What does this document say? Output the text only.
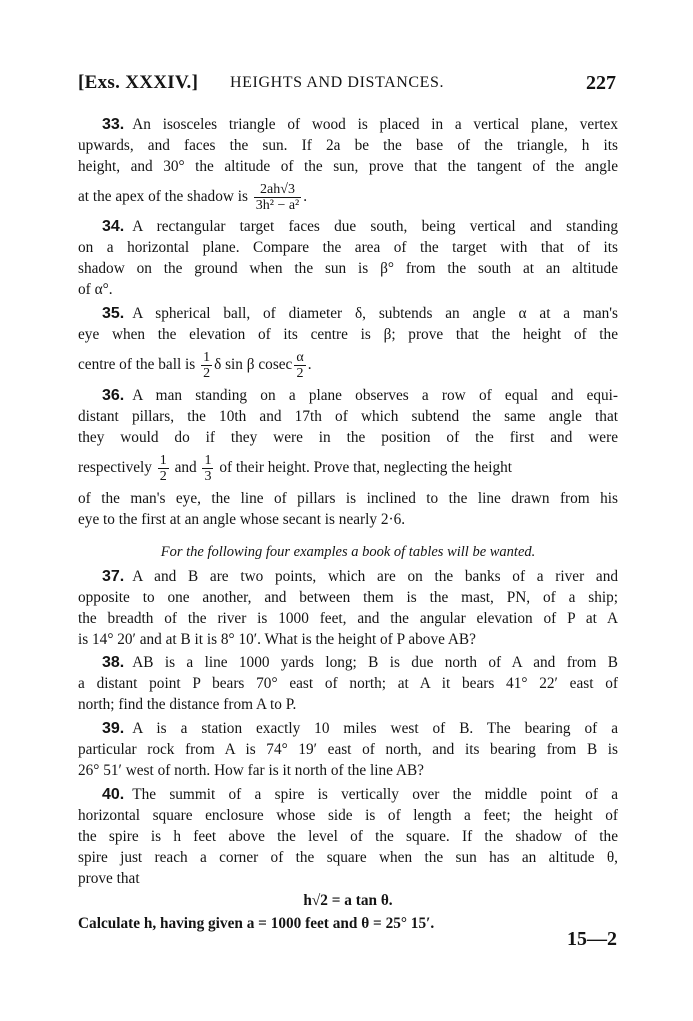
[Exs. XXXIV.] HEIGHTS AND DISTANCES.	227
33. An isosceles triangle of wood is placed in a vertical plane, vertex
upwards, and faces the sun. If 2a be the base of the triangle, h its
height, and 30° the altitude of the sun, prove that the tangent of the angle
at the apex of the shadow is $\frac{2ah√3}{\text{3h² − a²}}$ .
34. A rectangular target faces due south, being vertical and standing
on a horizontal plane. Compare the area of the target with that of its
shadow on the ground when the sun is β° from the south at an altitude
of α°.
35. A spherical ball, of diameter δ, subtends an angle α at a man's
eye when the elevation of its centre is β; prove that the height of the
centre of the ball is $\frac{1}{2}$ δ sin β cosec $\frac{\alpha}{2}$ .
36. A man standing on a plane observes a row of equal and equi-
distant pillars, the 10th and 17th of which subtend the same angle that
they would do if they were in the position of the first and were
respectively $\frac{1}{2}$ and $\frac{1}{3}$ of their height. Prove that, neglecting the height
of the man's eye, the line of pillars is inclined to the line drawn from his
eye to the first at an angle whose secant is nearly 2·6.
For the following four examples a book of tables will be wanted.
37. A and B are two points, which are on the banks of a river and
opposite to one another, and between them is the mast, PN, of a ship;
the breadth of the river is 1000 feet, and the angular elevation of P at A
is 14° 20′ and at B it is 8° 10′. What is the height of P above AB?
38. AB is a line 1000 yards long; B is due north of A and from B
a distant point P bears 70° east of north; at A it bears 41° 22′ east of
north; find the distance from A to P.
39. A is a station exactly 10 miles west of B. The bearing of a
particular rock from A is 74° 19′ east of north, and its bearing from B is
26° 51′ west of north. How far is it north of the line AB?
40. The summit of a spire is vertically over the middle point of a
horizontal square enclosure whose side is of length a feet; the height of
the spire is h feet above the level of the square. If the shadow of the
spire just reach a corner of the square when the sun has an altitude θ,
prove that
h√2 = a tan θ.
Calculate h, having given a = 1000 feet and θ = 25° 15′.
15—2
